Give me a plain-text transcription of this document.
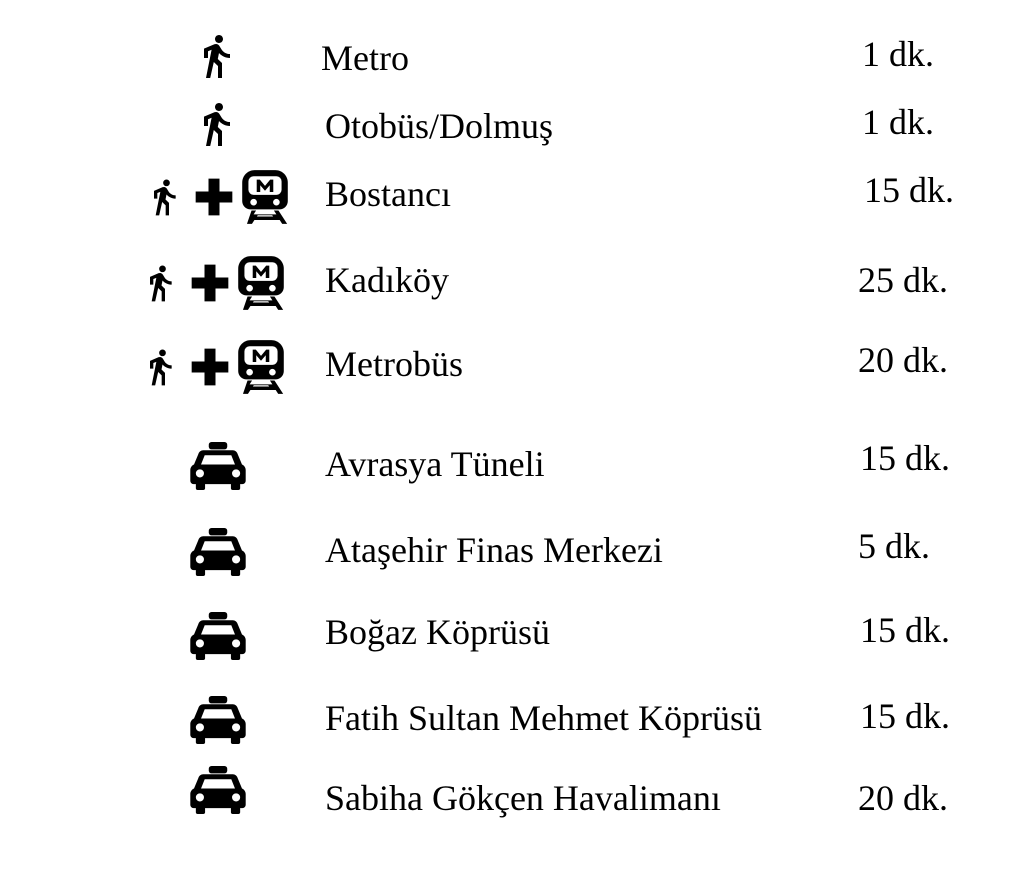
Metro	1 dk.
Otobüs/Dolmuş	1 dk.
Bostancı	15 dk.
Kadıköy	25 dk.
Metrobüs	20 dk.
Avrasya Tüneli	15 dk.
Ataşehir Finas Merkezi	5 dk.
Boğaz Köprüsü	15 dk.
Fatih Sultan Mehmet Köprüsü	15 dk.
Sabiha Gökçen Havalimanı	20 dk.
